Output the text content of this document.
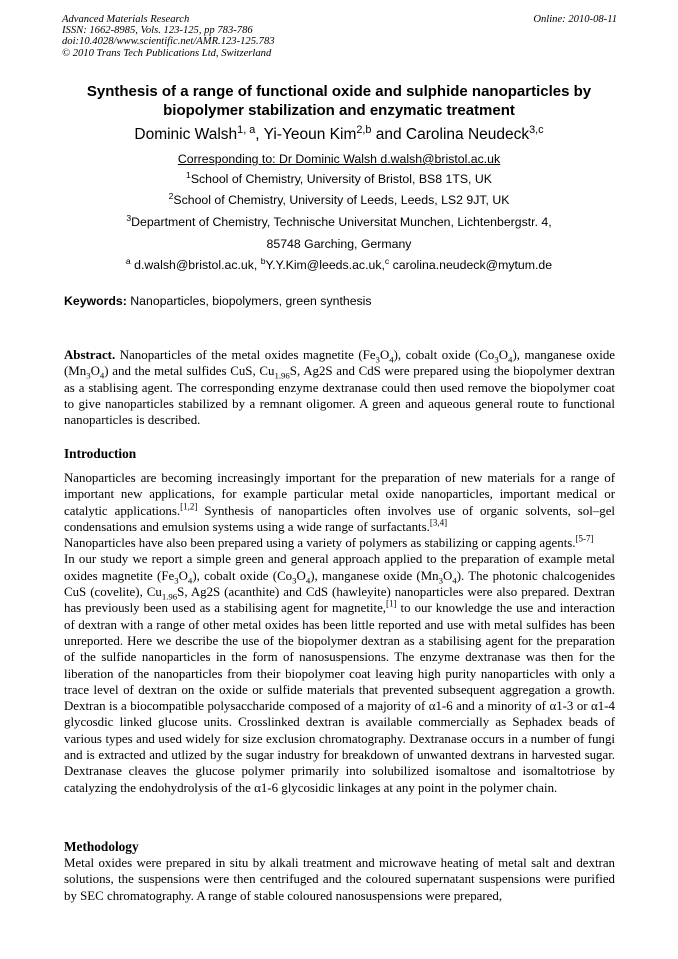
Advanced Materials Research
ISSN: 1662-8985, Vols. 123-125, pp 783-786
doi:10.4028/www.scientific.net/AMR.123-125.783
© 2010 Trans Tech Publications Ltd, Switzerland
Online: 2010-08-11
Synthesis of a range of functional oxide and sulphide nanoparticles by
biopolymer stabilization and enzymatic treatment
Dominic Walsh$^{1, a}$, Yi-Yeoun Kim$^{2,b}$ and Carolina Neudeck$^{3,c}$
Corresponding to: Dr Dominic Walsh d.walsh@bristol.ac.uk
$^1$School of Chemistry, University of Bristol, BS8 1TS, UK
$^2$School of Chemistry, University of Leeds, Leeds, LS2 9JT, UK
$^3$Department of Chemistry, Technische Universitat Munchen, Lichtenbergstr. 4,
85748 Garching, Germany
$^a$ d.walsh@bristol.ac.uk, $^b$Y.Y.Kim@leeds.ac.uk,$^c$ carolina.neudeck@mytum.de
Keywords: Nanoparticles, biopolymers, green synthesis
Abstract. Nanoparticles of the metal oxides magnetite $(Fe_3O_4)$, cobalt oxide $(Co_3O_4)$, manganese oxide $(Mn_3O_4)$ and the metal sulfides CuS, $Cu_{1.96}S$, Ag2S and CdS were prepared using the biopolymer dextran as a stablising agent. The corresponding enzyme dextranase could then used remove the biopolymer coat to give nanoparticles stabilized by a remnant oligomer. A green and aqueous general route to functional nanoparticles is described.
Introduction
Nanoparticles are becoming increasingly important for the preparation of new materials for a range of important new applications, for example particular metal oxide nanoparticles, important medical or catalytic applications.[1,2] Synthesis of nanoparticles often involves use of organic solvents, sol–gel condensations and emulsion systems using a wide range of surfactants.[3,4]
Nanoparticles have also been prepared using a variety of polymers as stabilizing or capping agents.[5-7]
In our study we report a simple green and general approach applied to the preparation of example metal oxides magnetite $(Fe_3O_4)$, cobalt oxide $(Co_3O_4)$, manganese oxide $(Mn_3O_4)$. The photonic chalcogenides CuS (covelite), $Cu_{1.96}S$, Ag2S (acanthite) and CdS (hawleyite) nanoparticles were also prepared. Dextran has previously been used as a stabilising agent for magnetite,[1] to our knowledge the use and interaction of dextran with a range of other metal oxides has been little reported and use with metal sulfides has been unreported. Here we describe the use of the biopolymer dextran as a stabilising agent for the preparation of the sulfide nanoparticles in the form of nanosuspensions. The enzyme dextranase was then for the liberation of the nanoparticles from their biopolymer coat leaving high purity nanoparticles with only a trace level of dextran on the oxide or sulfide materials that prevented subsequent aggregation a growth. Dextran is a biocompatible polysaccharide composed of a majority of α1-6 and a minority of α1-3 or α1-4 glycosdic linked glucose units. Crosslinked dextran is available commercially as Sephadex beads of various types and used widely for size exclusion chromatography. Dextranase occurs in a number of fungi and is extracted and utlized by the sugar industry for breakdown of unwanted dextrans in harvested sugar. Dextranase cleaves the glucose polymer primarily into solubilized isomaltose and isomaltotriose by catalyzing the endohydrolysis of the α1-6 glycosidic linkages at any point in the polymer chain.
Methodology
Metal oxides were prepared in situ by alkali treatment and microwave heating of metal salt and dextran solutions, the suspensions were then centrifuged and the coloured supernatant suspensions were purified by SEC chromatography. A range of stable coloured nanosuspensions were prepared,
